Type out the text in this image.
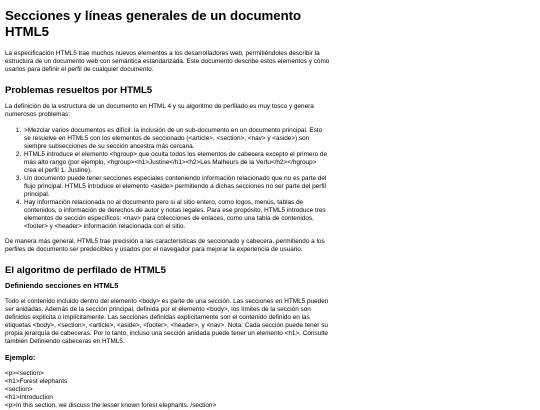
Secciones y líneas generales de un documento HTML5

La especificación HTML5 trae muchos nuevos elementos a los desarrolladores web, permitiéndoles describir la estructura de un documento web con semántica estandarizada. Este documento describe estos elementos y cómo usarlos para definir el perfil de cualquier documento.

Problemas resueltos por HTML5

La definición de la estructura de un documento en HTML 4 y su algoritmo de perfilado es muy tosco y genera numerosos problemas:

1. >Mezclar varios documentos es difícil: la inclusión de un sub-documento en un documento principal. Esto se resuelve en HTML5 con los elementos de seccionado (<article>, <section>, <nav> y <aside>) son siempre subsecciones de su sección ancestra más cercana.
2. HTML5 introduce el elemento <hgroup> que oculta todos los elementos de cabecera excepto el primero de más alto rango (por ejemplo, <hgroup><h1>Justine</h1><h2>Les Malheurs de la Vertu</h2></hgroup> crea el perfil 1. Justine).
3. Un documento puede tener secciones especiales conteniendo información relacionado que no es parte del flujo principal. HTML5 introduce el elemento <aside> permitiendo a dichas secciones no ser parte del perfil principal.
4. Hay información relacionada no al documento pero si al sitio entero, como logos, menús, tablas de contenidos, o información de derechos de autor y notas legales. Para ese propósito, HTML5 introduce tres elementos de sección específicos: <nav> para colecciones de enlaces, como una tabla de contenidos, <footer> y <header> información relacionada con el sitio.

De manera más general, HTML5 trae precisión a las características de seccionado y cabecera, permitiendo a los perfiles de documento ser predecibles y usados por el navegador para mejorar la experiencia de usuario.

El algoritmo de perfilado de HTML5
Definiendo secciones en HTML5

Todo el contenido incluido dentro del elemento <body> es parte de una sección. Las secciones en HTML5 pueden ser anidadas. Además de la sección principal, definida por el elemento <body>, los límites de la sección son definidos explícita o implícitamente. Las secciones definidas explícitamente son el contenido definido en las etiquetas <body>, <section>, <article>, <aside>, <footer>, <header>, y <nav>. Nota: Cada sección puede tener su propia jerarquía de cabeceras. Por lo tanto, incluso una sección anidada puede tener un elemento <h1>. Consulte también Definiendo cabeceras en HTML5.

Ejemplo:
<p><section>
<h1>Forest elephants
<section>
<h1>Introduction
<p>In this section, we discuss the lesser known forest elephants. /section>
